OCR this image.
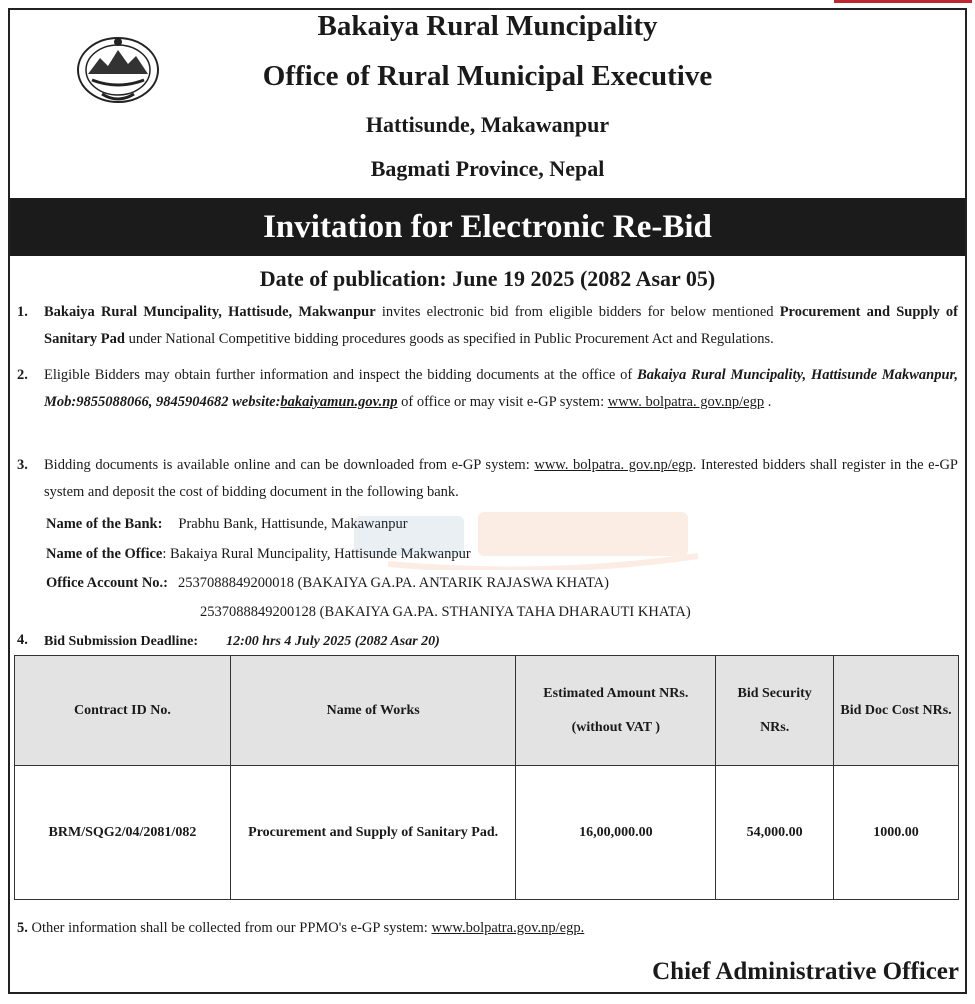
Bakaiya Rural Muncipality
Office of Rural Municipal Executive
Hattisunde, Makawanpur
Bagmati Province, Nepal
Invitation for Electronic Re-Bid
Date of publication: June 19 2025 (2082 Asar 05)
1. Bakaiya Rural Muncipality, Hattisude, Makwanpur invites electronic bid from eligible bidders for below mentioned Procurement and Supply of Sanitary Pad under National Competitive bidding procedures goods as specified in Public Procurement Act and Regulations.
2. Eligible Bidders may obtain further information and inspect the bidding documents at the office of Bakaiya Rural Muncipality, Hattisunde Makwanpur, Mob:9855088066, 9845904682 website:bakaiyamun.gov.np of office or may visit e-GP system: www. bolpatra. gov.np/egp .
3. Bidding documents is available online and can be downloaded from e-GP system: www. bolpatra. gov.np/egp. Interested bidders shall register in the e-GP system and deposit the cost of bidding document in the following bank.
Name of the Bank: Prabhu Bank, Hattisunde, Makawanpur
Name of the Office: Bakaiya Rural Muncipality, Hattisunde Makwanpur
Office Account No.: 2537088849200018 (BAKAIYA GA.PA. ANTARIK RAJASWA KHATA)
2537088849200128 (BAKAIYA GA.PA. STHANIYA TAHA DHARAUTI KHATA)
4. Bid Submission Deadline: 12:00 hrs 4 July 2025 (2082 Asar 20)
Contract ID No.	Name of Works	Estimated Amount NRs. (without VAT )	Bid Security NRs.	Bid Doc Cost NRs.
BRM/SQG2/04/2081/082	Procurement and Supply of Sanitary Pad.	16,00,000.00	54,000.00	1000.00
5. Other information shall be collected from our PPMO's e-GP system: www.bolpatra.gov.np/egp.
Chief Administrative Officer
